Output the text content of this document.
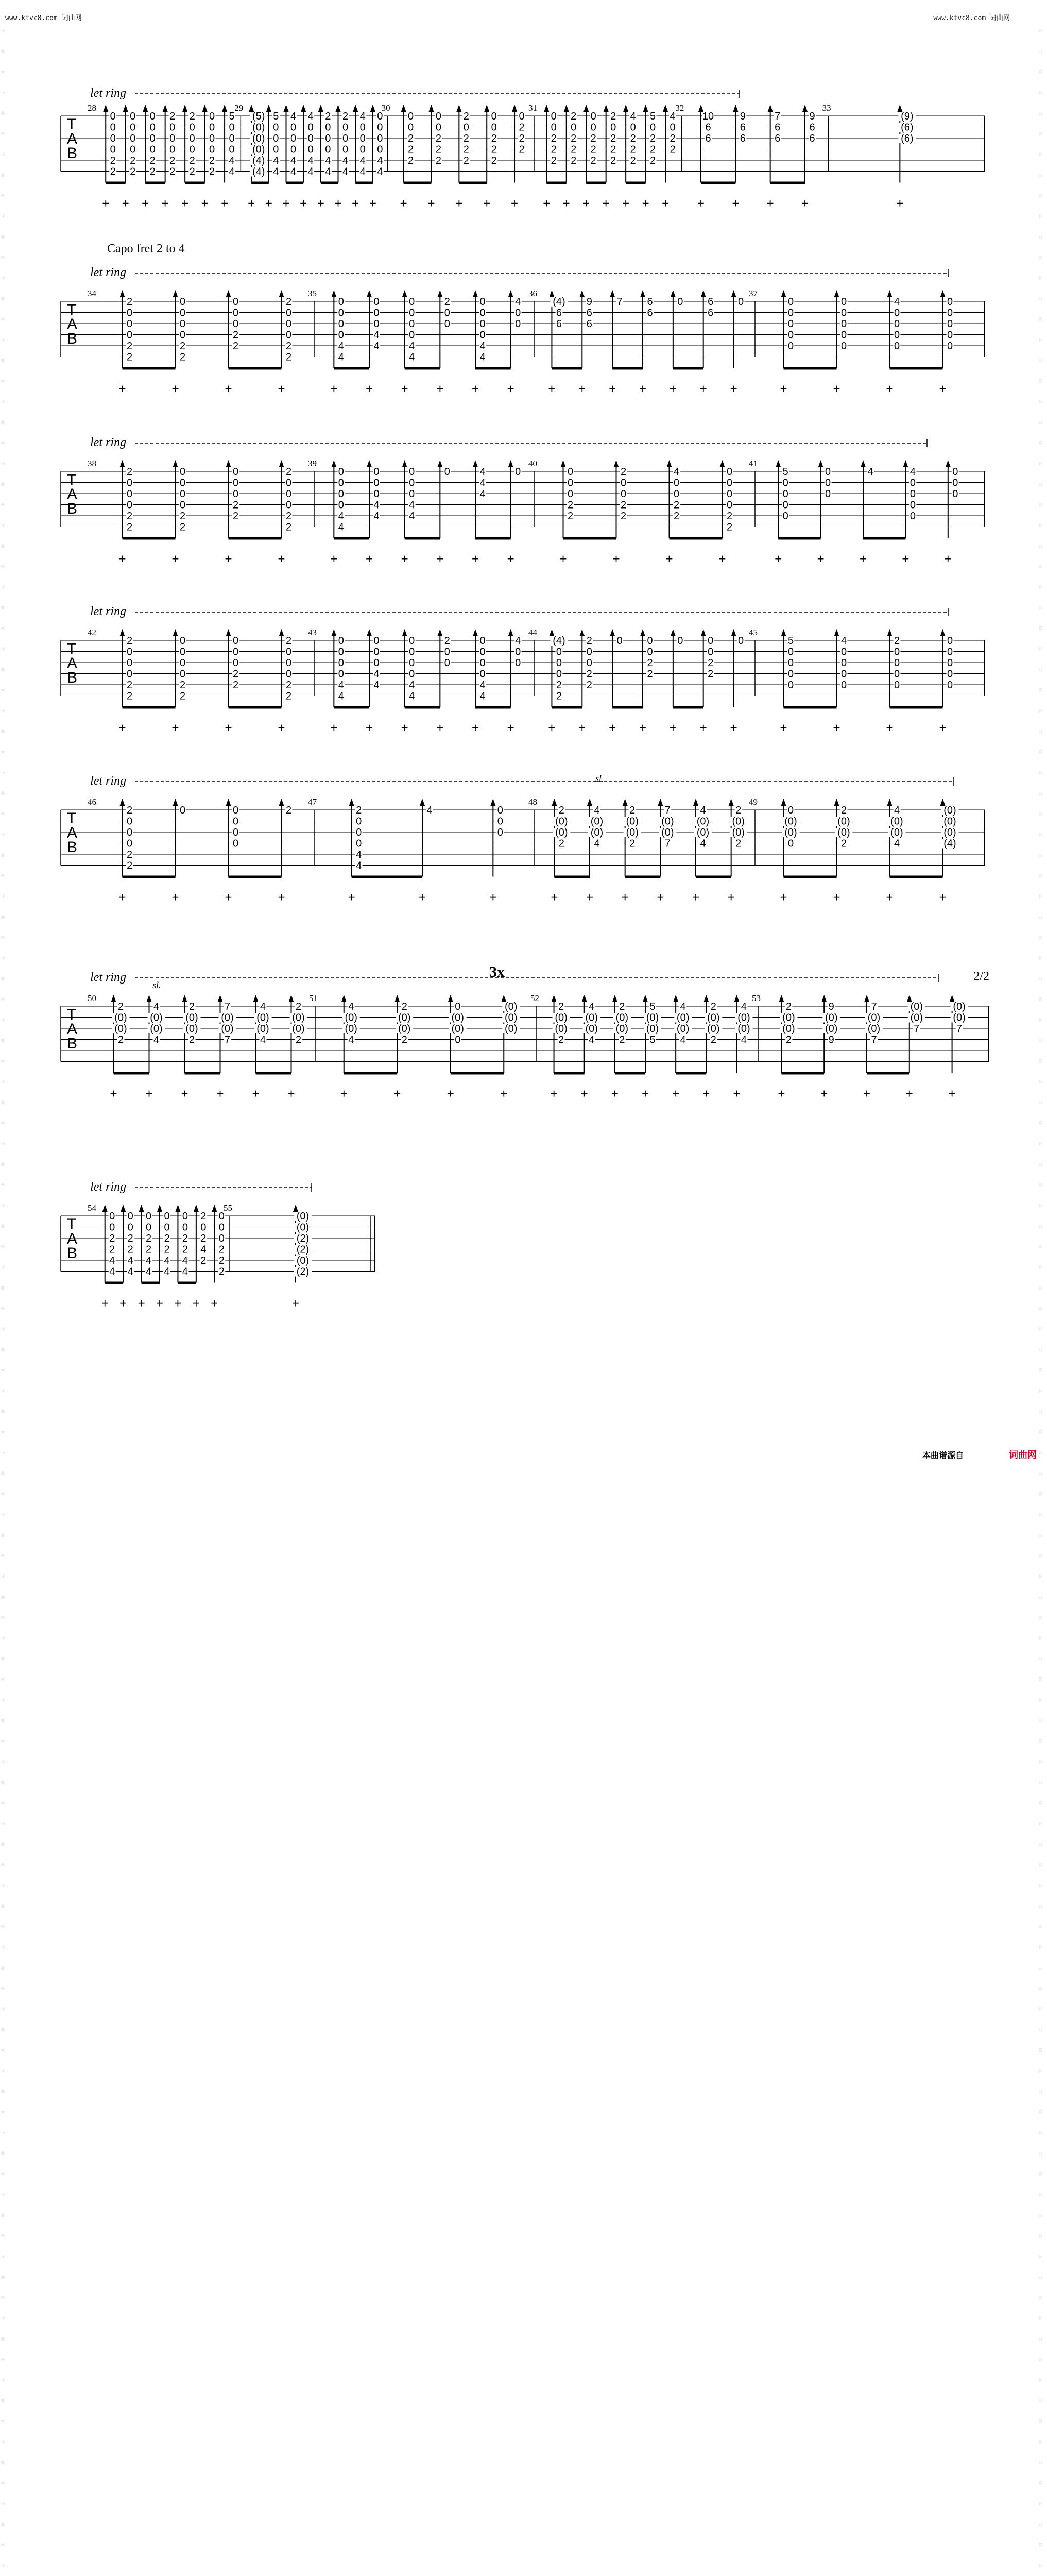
www.ktvc8.com 词曲网	www.ktvc8.com 词曲网
词曲网
词曲网
词曲网
词曲网
词曲网
词曲网
词曲网
词曲网
词曲网
词曲网
词曲网
词曲网
词曲网
词曲网
词曲网
词曲网
词曲网
词曲网
词曲网
词曲网
词曲网
词曲网
词曲网
词曲网
词曲网
词曲网
词曲网
词曲网
词曲网
词曲网
词曲网
词曲网
词曲网
词曲网
词曲网
词曲网
词曲网
词曲网
词曲网
词曲网
词曲网
词
词曲网
词曲网
词曲网
词曲网
词曲网
词曲网
词曲网
词曲网
词曲网
词曲网
词曲网
词曲网
词曲网
词曲网
词曲网
词曲网
词曲网
词曲网
词曲网
词曲网
词曲网
词曲网
词曲网
词曲网
词曲网
词曲网
词曲网
词曲网
词曲网
词曲网
词曲网
词曲网
词曲网
词曲网
词曲网
词曲网
词曲网
词曲网
词曲网
词曲网
词曲网
词
Capo fret 2 to 4
let ring
T
A
B
28
0
0
0
0
2
2
+
0
0
0
0
2
2
+
0
0
0
0
2
2
+
2
0
0
0
2
2
+
2
0
0
0
2
2
+
0
0
0
0
2
2
+
5
0
0
0
4
4
+
29
(5)
(0)
(0)
(0)
(4)
(4)
+
5
0
0
0
4
4
+
4
0
0
0
4
4
+
4
0
0
0
4
4
+
2
0
0
0
4
4
+
2
0
0
0
4
4
+
4
0
0
0
4
4
+
0
0
0
0
4
4
+
30
0
0
2
2
2
+
0
0
2
2
2
+
2
0
2
2
2
+
0
0
2
2
2
+
0
2
2
2
+
31
0
0
2
2
2
+
2
0
2
2
2
+
0
0
2
2
2
+
2
0
2
2
2
+
4
0
2
2
2
+
5
0
2
2
2
+
4
0
2
2
+
32
10
6
6
+
9
6
6
+
7
6
6
+
9
6
6
+
33
(9)
(6)
(6)
+
let ring
T
A
B
34
2
0
0
0
2
2
+
0
0
0
0
2
2
+
0
0
0
2
2
+
2
0
0
0
2
2
+
35
0
0
0
0
4
4
+
0
0
0
4
4
+
0
0
0
0
4
4
+
2
0
0
+
0
0
0
0
4
4
+
4
0
0
+
36
(4)
6
6
+
9
6
6
+
7
+
6
6
+
0
+
6
6
+
0
+
37
0
0
0
0
0
+
0
0
0
0
0
+
4
0
0
0
0
+
0
0
0
0
0
+
let ring
T
A
B
38
2
0
0
0
2
2
+
0
0
0
0
2
2
+
0
0
0
2
2
+
2
0
0
0
2
2
+
39
0
0
0
0
4
4
+
0
0
0
4
4
+
0
0
0
4
4
+
0
+
4
4
4
+
0
+
40
0
0
0
2
2
+
2
0
0
2
2
+
4
0
0
2
2
+
0
0
0
0
2
2
+
41
5
0
0
0
0
+
0
0
0
+
4
+
4
0
0
0
0
+
0
0
0
+
let ring
T
A
B
42
2
0
0
0
2
2
+
0
0
0
0
2
2
+
0
0
0
2
2
+
2
0
0
0
2
2
+
43
0
0
0
0
4
4
+
0
0
0
4
4
+
0
0
0
0
4
4
+
2
0
0
+
0
0
0
0
4
4
+
4
0
0
+
44
(4)
0
0
0
2
2
+
2
0
0
2
2
+
0
+
0
0
2
2
+
0
+
0
0
2
2
+
0
+
45
5
0
0
0
0
+
4
0
0
0
0
+
2
0
0
0
0
+
0
0
0
0
0
+
let ring
T
A
B
46
2
0
0
0
2
2
+
0
+
0
0
0
0
+
2
+
47
2
0
0
0
4
4
+
4
+
0
0
0
+
48
2
(0)
(0)
2
+
4
(0)
(0)
4
+
2
(0)
(0)
2
+
7
(0)
(0)
7
+
4
(0)
(0)
4
+
2
(0)
(0)
2
+
49
0
(0)
(0)
0
+
2
(0)
(0)
2
+
4
(0)
(0)
4
+
(0)
(0)
(0)
(4)
+
sl.
let ring
T
A
B
50
2
(0)
(0)
2
+
4
(0)
(0)
4
+
2
(0)
(0)
2
+
7
(0)
(0)
7
+
4
(0)
(0)
4
+
2
(0)
(0)
2
+
51
4
(0)
(0)
4
+
2
(0)
(0)
2
+
0
(0)
(0)
0
+
(0)
(0)
(0)
+
52
2
(0)
(0)
2
+
4
(0)
(0)
4
+
2
(0)
(0)
2
+
5
(0)
(0)
5
+
4
(0)
(0)
4
+
2
(0)
(0)
2
+
4
(0)
(0)
4
+
53
2
(0)
(0)
2
+
9
(0)
(0)
9
+
7
(0)
(0)
7
+
(0)
(0)
7
+
(0)
(0)
7
+
3x
sl.
let ring
T
A
B
54
0
0
2
2
4
4
+
0
0
2
2
4
4
+
0
0
2
2
4
4
+
0
0
2
2
4
4
+
0
0
2
2
4
4
+
2
0
2
4
2
+
0
0
0
2
2
2
+
55
(0)
(0)
(2)
(2)
(0)
(2)
+
2/2
本曲谱源自	词曲网
